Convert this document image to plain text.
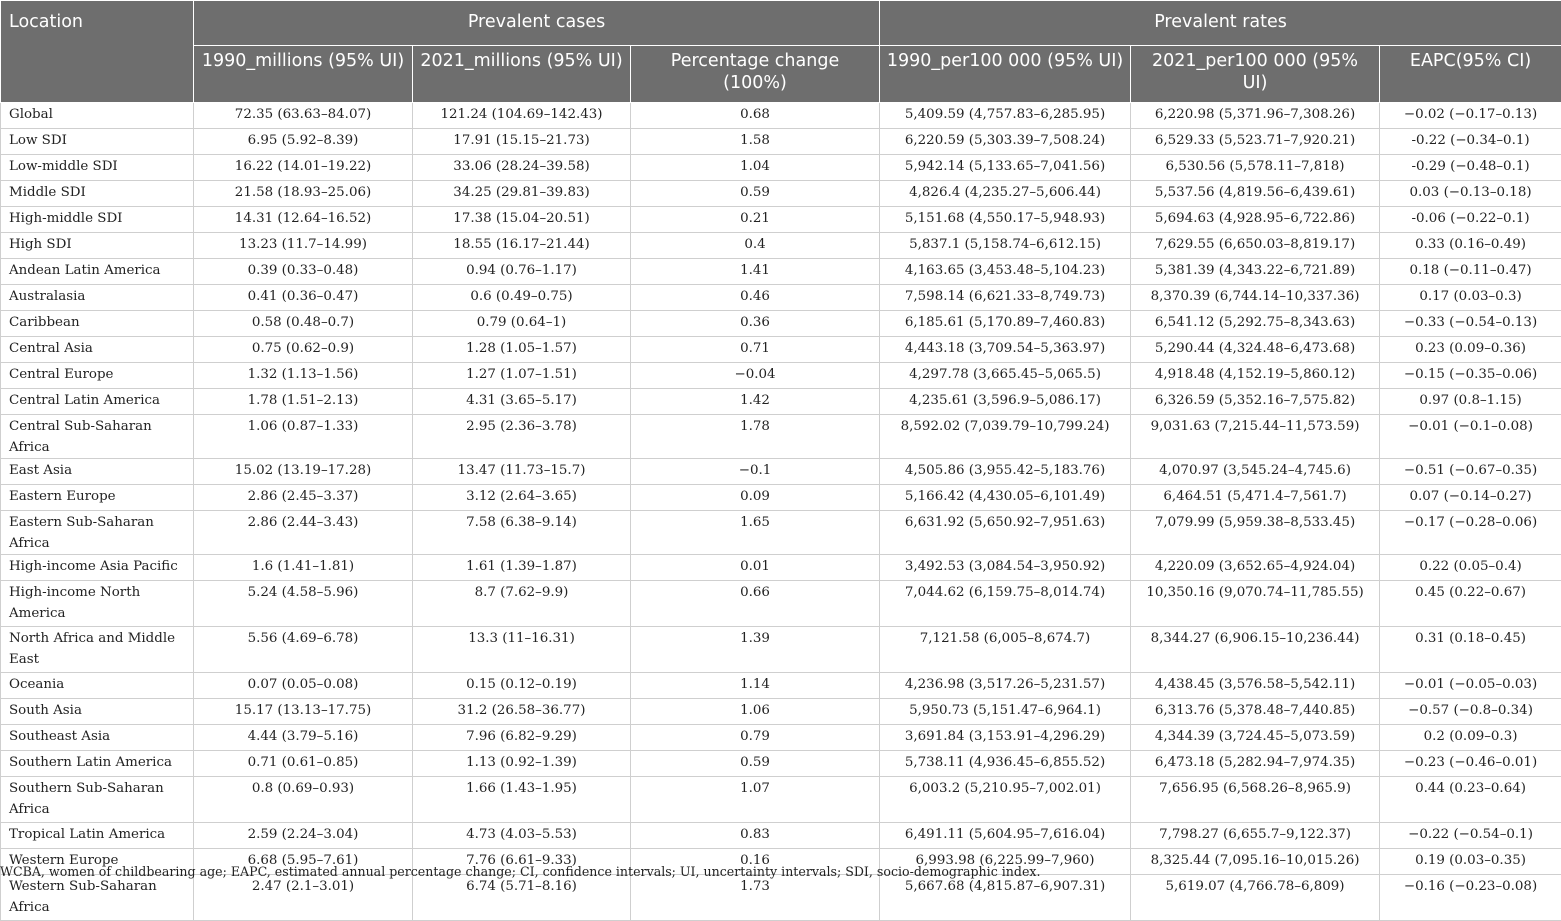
Location	Prevalent cases			Prevalent rates		
	1990_millions (95% UI)	2021_millions (95% UI)	Percentage change (100%)	1990_per100 000 (95% UI)	2021_per100 000 (95% UI)	EAPC(95% CI)
Global	72.35 (63.63–84.07)	121.24 (104.69–142.43)	0.68	5,409.59 (4,757.83–6,285.95)	6,220.98 (5,371.96–7,308.26)	−0.02 (−0.17–0.13)
Low SDI	6.95 (5.92–8.39)	17.91 (15.15–21.73)	1.58	6,220.59 (5,303.39–7,508.24)	6,529.33 (5,523.71–7,920.21)	-0.22 (−0.34–0.1)
Low-middle SDI	16.22 (14.01–19.22)	33.06 (28.24–39.58)	1.04	5,942.14 (5,133.65–7,041.56)	6,530.56 (5,578.11–7,818)	-0.29 (−0.48–0.1)
Middle SDI	21.58 (18.93–25.06)	34.25 (29.81–39.83)	0.59	4,826.4 (4,235.27–5,606.44)	5,537.56 (4,819.56–6,439.61)	0.03 (−0.13–0.18)
High-middle SDI	14.31 (12.64–16.52)	17.38 (15.04–20.51)	0.21	5,151.68 (4,550.17–5,948.93)	5,694.63 (4,928.95–6,722.86)	-0.06 (−0.22–0.1)
High SDI	13.23 (11.7–14.99)	18.55 (16.17–21.44)	0.4	5,837.1 (5,158.74–6,612.15)	7,629.55 (6,650.03–8,819.17)	0.33 (0.16–0.49)
Andean Latin America	0.39 (0.33–0.48)	0.94 (0.76–1.17)	1.41	4,163.65 (3,453.48–5,104.23)	5,381.39 (4,343.22–6,721.89)	0.18 (−0.11–0.47)
Australasia	0.41 (0.36–0.47)	0.6 (0.49–0.75)	0.46	7,598.14 (6,621.33–8,749.73)	8,370.39 (6,744.14–10,337.36)	0.17 (0.03–0.3)
Caribbean	0.58 (0.48–0.7)	0.79 (0.64–1)	0.36	6,185.61 (5,170.89–7,460.83)	6,541.12 (5,292.75–8,343.63)	−0.33 (−0.54–0.13)
Central Asia	0.75 (0.62–0.9)	1.28 (1.05–1.57)	0.71	4,443.18 (3,709.54–5,363.97)	5,290.44 (4,324.48–6,473.68)	0.23 (0.09–0.36)
Central Europe	1.32 (1.13–1.56)	1.27 (1.07–1.51)	−0.04	4,297.78 (3,665.45–5,065.5)	4,918.48 (4,152.19–5,860.12)	−0.15 (−0.35–0.06)
Central Latin America	1.78 (1.51–2.13)	4.31 (3.65–5.17)	1.42	4,235.61 (3,596.9–5,086.17)	6,326.59 (5,352.16–7,575.82)	0.97 (0.8–1.15)
Central Sub-Saharan Africa	1.06 (0.87–1.33)	2.95 (2.36–3.78)	1.78	8,592.02 (7,039.79–10,799.24)	9,031.63 (7,215.44–11,573.59)	−0.01 (−0.1–0.08)
East Asia	15.02 (13.19–17.28)	13.47 (11.73–15.7)	−0.1	4,505.86 (3,955.42–5,183.76)	4,070.97 (3,545.24–4,745.6)	−0.51 (−0.67–0.35)
Eastern Europe	2.86 (2.45–3.37)	3.12 (2.64–3.65)	0.09	5,166.42 (4,430.05–6,101.49)	6,464.51 (5,471.4–7,561.7)	0.07 (−0.14–0.27)
Eastern Sub-Saharan Africa	2.86 (2.44–3.43)	7.58 (6.38–9.14)	1.65	6,631.92 (5,650.92–7,951.63)	7,079.99 (5,959.38–8,533.45)	−0.17 (−0.28–0.06)
High-income Asia Pacific	1.6 (1.41–1.81)	1.61 (1.39–1.87)	0.01	3,492.53 (3,084.54–3,950.92)	4,220.09 (3,652.65–4,924.04)	0.22 (0.05–0.4)
High-income North America	5.24 (4.58–5.96)	8.7 (7.62–9.9)	0.66	7,044.62 (6,159.75–8,014.74)	10,350.16 (9,070.74–11,785.55)	0.45 (0.22–0.67)
North Africa and Middle East	5.56 (4.69–6.78)	13.3 (11–16.31)	1.39	7,121.58 (6,005–8,674.7)	8,344.27 (6,906.15–10,236.44)	0.31 (0.18–0.45)
Oceania	0.07 (0.05–0.08)	0.15 (0.12–0.19)	1.14	4,236.98 (3,517.26–5,231.57)	4,438.45 (3,576.58–5,542.11)	−0.01 (−0.05–0.03)
South Asia	15.17 (13.13–17.75)	31.2 (26.58–36.77)	1.06	5,950.73 (5,151.47–6,964.1)	6,313.76 (5,378.48–7,440.85)	−0.57 (−0.8–0.34)
Southeast Asia	4.44 (3.79–5.16)	7.96 (6.82–9.29)	0.79	3,691.84 (3,153.91–4,296.29)	4,344.39 (3,724.45–5,073.59)	0.2 (0.09–0.3)
Southern Latin America	0.71 (0.61–0.85)	1.13 (0.92–1.39)	0.59	5,738.11 (4,936.45–6,855.52)	6,473.18 (5,282.94–7,974.35)	−0.23 (−0.46–0.01)
Southern Sub-Saharan Africa	0.8 (0.69–0.93)	1.66 (1.43–1.95)	1.07	6,003.2 (5,210.95–7,002.01)	7,656.95 (6,568.26–8,965.9)	0.44 (0.23–0.64)
Tropical Latin America	2.59 (2.24–3.04)	4.73 (4.03–5.53)	0.83	6,491.11 (5,604.95–7,616.04)	7,798.27 (6,655.7–9,122.37)	−0.22 (−0.54–0.1)
Western Europe	6.68 (5.95–7.61)	7.76 (6.61–9.33)	0.16	6,993.98 (6,225.99–7,960)	8,325.44 (7,095.16–10,015.26)	0.19 (0.03–0.35)
Western Sub-Saharan Africa	2.47 (2.1–3.01)	6.74 (5.71–8.16)	1.73	5,667.68 (4,815.87–6,907.31)	5,619.07 (4,766.78–6,809)	−0.16 (−0.23–0.08)
WCBA, women of childbearing age; EAPC, estimated annual percentage change; CI, confidence intervals; UI, uncertainty intervals; SDI, socio-demographic index.
